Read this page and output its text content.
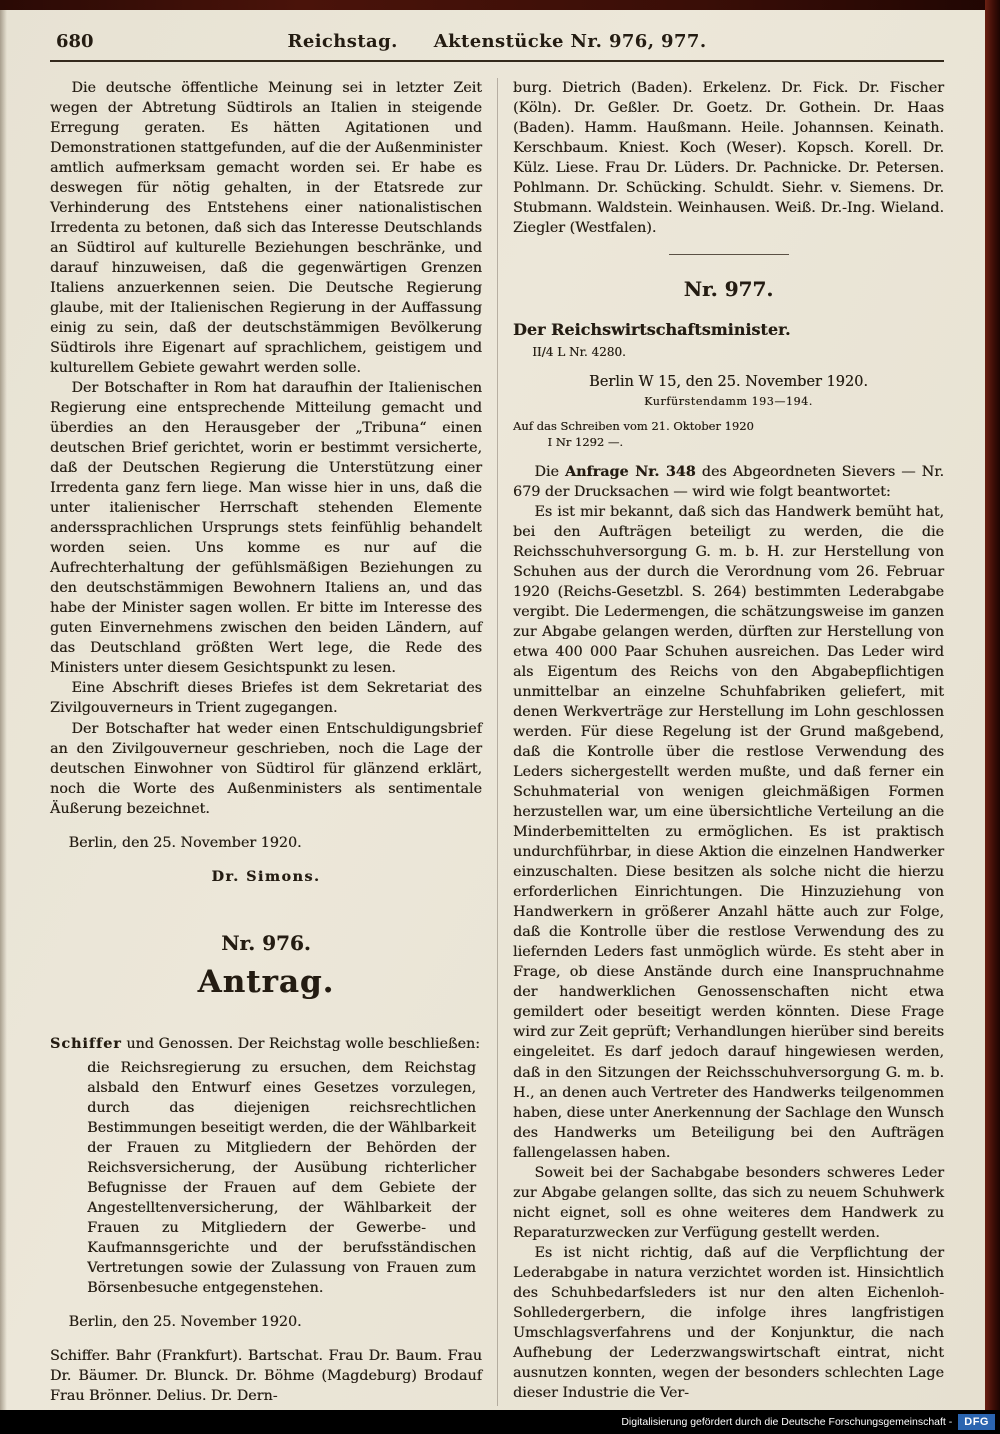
680	Reichstag. Aktenstücke Nr. 976, 977.

Die deutsche öffentliche Meinung sei in letzter Zeit wegen der Abtretung Südtirols an Italien in steigende Erregung geraten. Es hätten Agitationen und Demonstrationen stattgefunden, auf die der Außenminister amtlich aufmerksam gemacht worden sei. Er habe es deswegen für nötig gehalten, in der Etatsrede zur Verhinderung des Entstehens einer nationalistischen Irredenta zu betonen, daß sich das Interesse Deutschlands an Südtirol auf kulturelle Beziehungen beschränke, und darauf hinzuweisen, daß die gegenwärtigen Grenzen Italiens anzuerkennen seien. Die Deutsche Regierung glaube, mit der Italienischen Regierung in der Auffassung einig zu sein, daß der deutschstämmigen Bevölkerung Südtirols ihre Eigenart auf sprachlichem, geistigem und kulturellem Gebiete gewahrt werden solle.

Der Botschafter in Rom hat daraufhin der Italienischen Regierung eine entsprechende Mitteilung gemacht und überdies an den Herausgeber der „Tribuna“ einen deutschen Brief gerichtet, worin er bestimmt versicherte, daß der Deutschen Regierung die Unterstützung einer Irredenta ganz fern liege. Man wisse hier in uns, daß die unter italienischer Herrschaft stehenden Elemente anderssprachlichen Ursprungs stets feinfühlig behandelt worden seien. Uns komme es nur auf die Aufrechterhaltung der gefühlsmäßigen Beziehungen zu den deutschstämmigen Bewohnern Italiens an, und das habe der Minister sagen wollen. Er bitte im Interesse des guten Einvernehmens zwischen den beiden Ländern, auf das Deutschland größten Wert lege, die Rede des Ministers unter diesem Gesichtspunkt zu lesen.

Eine Abschrift dieses Briefes ist dem Sekretariat des Zivilgouverneurs in Trient zugegangen.

Der Botschafter hat weder einen Entschuldigungsbrief an den Zivilgouverneur geschrieben, noch die Lage der deutschen Einwohner von Südtirol für glänzend erklärt, noch die Worte des Außenministers als sentimentale Äußerung bezeichnet.

Berlin, den 25. November 1920.

Dr. Simons.

Nr. 976.
Antrag.

Schiffer und Genossen. Der Reichstag wolle beschließen:

die Reichsregierung zu ersuchen, dem Reichstag alsbald den Entwurf eines Gesetzes vorzulegen, durch das diejenigen reichsrechtlichen Bestimmungen beseitigt werden, die der Wählbarkeit der Frauen zu Mitgliedern der Behörden der Reichsversicherung, der Ausübung richterlicher Befugnisse der Frauen auf dem Gebiete der Angestelltenversicherung, der Wählbarkeit der Frauen zu Mitgliedern der Gewerbe- und Kaufmannsgerichte und der berufsständischen Vertretungen sowie der Zulassung von Frauen zum Börsenbesuche entgegenstehen.

Berlin, den 25. November 1920.

Schiffer. Bahr (Frankfurt). Bartschat. Frau Dr. Baum. Frau Dr. Bäumer. Dr. Blunck. Dr. Böhme (Magdeburg) Brodauf Frau Brönner. Delius. Dr. Dern-

burg. Dietrich (Baden). Erkelenz. Dr. Fick. Dr. Fischer (Köln). Dr. Geßler. Dr. Goetz. Dr. Gothein. Dr. Haas (Baden). Hamm. Haußmann. Heile. Johannsen. Keinath. Kerschbaum. Kniest. Koch (Weser). Kopsch. Korell. Dr. Külz. Liese. Frau Dr. Lüders. Dr. Pachnicke. Dr. Petersen. Pohlmann. Dr. Schücking. Schuldt. Siehr. v. Siemens. Dr. Stubmann. Waldstein. Weinhausen. Weiß. Dr.-Ing. Wieland. Ziegler (Westfalen).

Nr. 977.

Der Reichswirtschaftsminister.

II/4 L Nr. 4280.

Berlin W 15, den 25. November 1920.

Kurfürstendamm 193—194.

Auf das Schreiben vom 21. Oktober 1920
I Nr 1292 —.

Die Anfrage Nr. 348 des Abgeordneten Sievers — Nr. 679 der Drucksachen — wird wie folgt beantwortet:

Es ist mir bekannt, daß sich das Handwerk bemüht hat, bei den Aufträgen beteiligt zu werden, die die Reichsschuhversorgung G. m. b. H. zur Herstellung von Schuhen aus der durch die Verordnung vom 26. Februar 1920 (Reichs-Gesetzbl. S. 264) bestimmten Lederabgabe vergibt. Die Ledermengen, die schätzungsweise im ganzen zur Abgabe gelangen werden, dürften zur Herstellung von etwa 400 000 Paar Schuhen ausreichen. Das Leder wird als Eigentum des Reichs von den Abgabepflichtigen unmittelbar an einzelne Schuhfabriken geliefert, mit denen Werkverträge zur Herstellung im Lohn geschlossen werden. Für diese Regelung ist der Grund maßgebend, daß die Kontrolle über die restlose Verwendung des Leders sichergestellt werden mußte, und daß ferner ein Schuhmaterial von wenigen gleichmäßigen Formen herzustellen war, um eine übersichtliche Verteilung an die Minderbemittelten zu ermöglichen. Es ist praktisch undurchführbar, in diese Aktion die einzelnen Handwerker einzuschalten. Diese besitzen als solche nicht die hierzu erforderlichen Einrichtungen. Die Hinzuziehung von Handwerkern in größerer Anzahl hätte auch zur Folge, daß die Kontrolle über die restlose Verwendung des zu liefernden Leders fast unmöglich würde. Es steht aber in Frage, ob diese Anstände durch eine Inanspruchnahme der handwerklichen Genossenschaften nicht etwa gemildert oder beseitigt werden könnten. Diese Frage wird zur Zeit geprüft; Verhandlungen hierüber sind bereits eingeleitet. Es darf jedoch darauf hingewiesen werden, daß in den Sitzungen der Reichsschuhversorgung G. m. b. H., an denen auch Vertreter des Handwerks teilgenommen haben, diese unter Anerkennung der Sachlage den Wunsch des Handwerks um Beteiligung bei den Aufträgen fallengelassen haben.

Soweit bei der Sachabgabe besonders schweres Leder zur Abgabe gelangen sollte, das sich zu neuem Schuhwerk nicht eignet, soll es ohne weiteres dem Handwerk zu Reparaturzwecken zur Verfügung gestellt werden.

Es ist nicht richtig, daß auf die Verpflichtung der Lederabgabe in natura verzichtet worden ist. Hinsichtlich des Schuhbedarfsleders ist nur den alten Eichenloh-Sohlledergerbern, die infolge ihres langfristigen Umschlagsverfahrens und der Konjunktur, die nach Aufhebung der Lederzwangswirtschaft eintrat, nicht ausnutzen konnten, wegen der besonders schlechten Lage dieser Industrie die Ver-

Digitalisierung gefördert durch die Deutsche Forschungsgemeinschaft -	DFG
